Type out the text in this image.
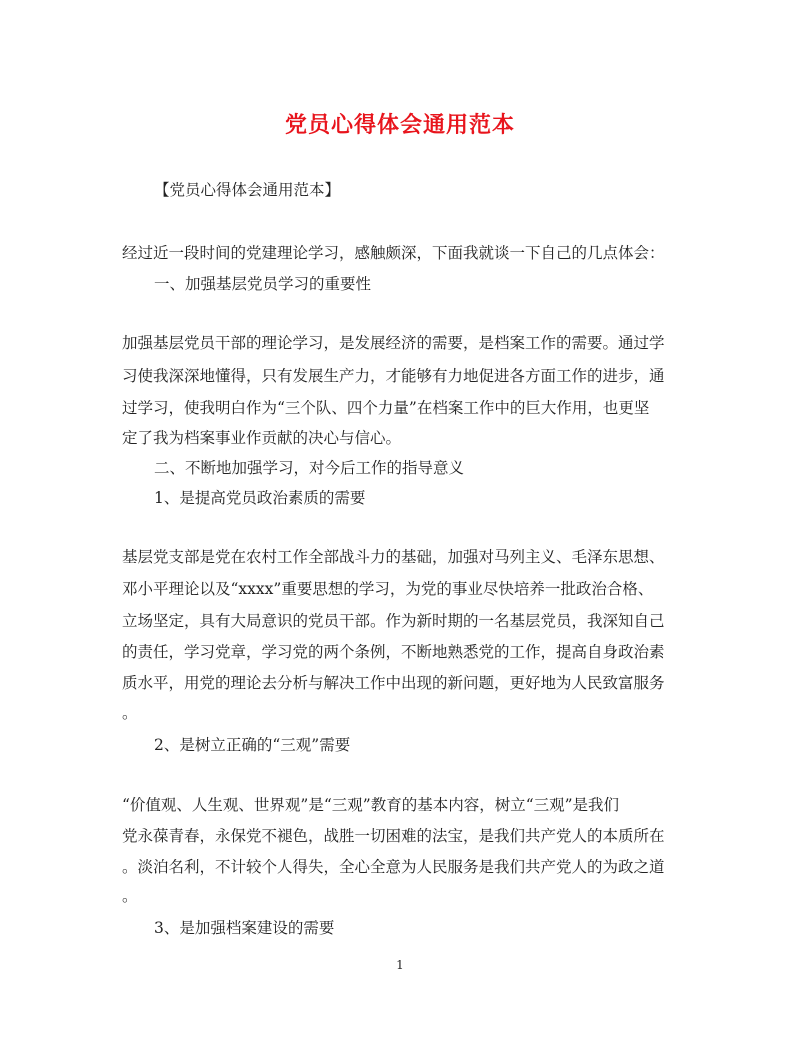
党员心得体会通用范本
【党员心得体会通用范本】
经过近一段时间的党建理论学习，感触颇深，下面我就谈一下自己的几点体会：
一、加强基层党员学习的重要性
加强基层党员干部的理论学习，是发展经济的需要，是档案工作的需要。通过学
习使我深深地懂得，只有发展生产力，才能够有力地促进各方面工作的进步，通
过学习，使我明白作为“三个队、四个力量”在档案工作中的巨大作用，也更坚
定了我为档案事业作贡献的决心与信心。
二、不断地加强学习，对今后工作的指导意义
1、是提高党员政治素质的需要
基层党支部是党在农村工作全部战斗力的基础，加强对马列主义、毛泽东思想、
邓小平理论以及“xxxx”重要思想的学习，为党的事业尽快培养一批政治合格、
立场坚定，具有大局意识的党员干部。作为新时期的一名基层党员，我深知自己
的责任，学习党章，学习党的两个条例，不断地熟悉党的工作，提高自身政治素
质水平，用党的理论去分析与解决工作中出现的新问题，更好地为人民致富服务
。
2、是树立正确的“三观”需要
“价值观、人生观、世界观”是“三观”教育的基本内容，树立“三观”是我们
党永葆青春，永保党不褪色，战胜一切困难的法宝，是我们共产党人的本质所在
。淡泊名利，不计较个人得失，全心全意为人民服务是我们共产党人的为政之道
。
3、是加强档案建设的需要
1
